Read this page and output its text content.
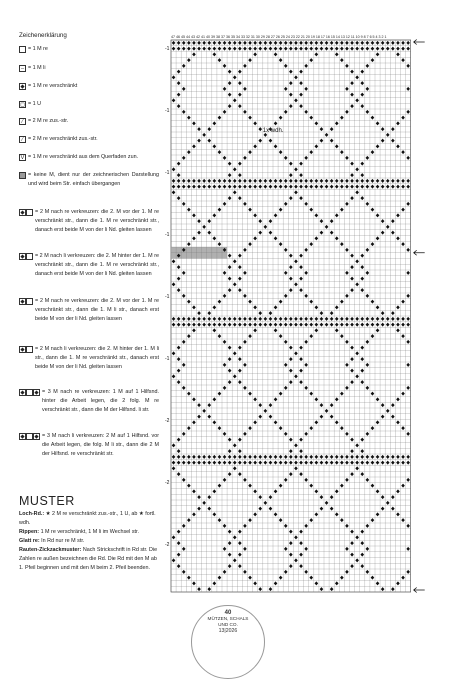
Zeichenerklärung
= 1 M re
– = 1 M li
◆ = 1 M re verschränkt
◻ = 1 U
⁄ = 2 M re zus.-str.
⁄ = 2 M re verschränkt zus.-str.
V = 1 M re verschränkt aus dem Querfaden zun.
= keine M, dient nur der zeichnerischen Darstellung und wird beim Str. einfach übergangen
◆ = 2 M nach re verkreuzen: die 2. M vor der 1. M re verschränkt str., dann die 1. M re verschränkt str., danach erst beide M von der li Nd. gleiten lassen
◆ = 2 M nach li verkreuzen: die 2. M hinter der 1. M re verschränkt str., dann die 1. M re verschränkt str., danach erst beide M von der li Nd. gleiten lassen
◆ = 2 M nach re verkreuzen: die 2. M vor der 1. M re verschränkt str., dann die 1. M li str., danach erst beide M von der li Nd. gleiten lassen
◆ = 2 M nach li verkreuzen: die 2. M hinter der 1. M li str., dann die 1. M re verschränkt str., danach erst beide M von der li Nd. gleiten lassen
◆ ◆ = 3 M nach re verkreuzen: 1 M auf 1 Hilfsnd. hinter die Arbeit legen, die 2 folg. M re verschränkt str., dann die M der Hilfsnd. li str.
◆ ◆ = 3 M nach li verkreuzen: 2 M auf 1 Hilfsnd. vor die Arbeit legen, die folg. M li str., dann die 2 M der Hilfsnd. re verschränkt str.
MUSTER
Loch-Rd.: ★ 2 M re verschränkt zus.-str., 1 U, ab ★ fortl. wdh.
Rippen: 1 M re verschränkt, 1 M li im Wechsel str.
Glatt re: In Rd nur re M str.
Rauten-Zickzackmuster: Nach Strickschrift in Rd str. Die Zahlen re außen bezeichnen die Rd. Die Rd mit den M ab 1. Pfeil beginnen und mit den M beim 2. Pfeil beenden.
47 46 45 44 43 42 41 40 39 38 37 36 35 34 33 32 31 30 29 28 27 26 25 24 23 22 21 20 19 18 17 16 15 14 13 12 11 10 9 8 7 6 5 4 3 2 1
1x wdh.
-1
-1
-1
-1
-1
-1
-2
-2
-2
40
MÜTZEN, SCHALS
UND CO.
13|2026
